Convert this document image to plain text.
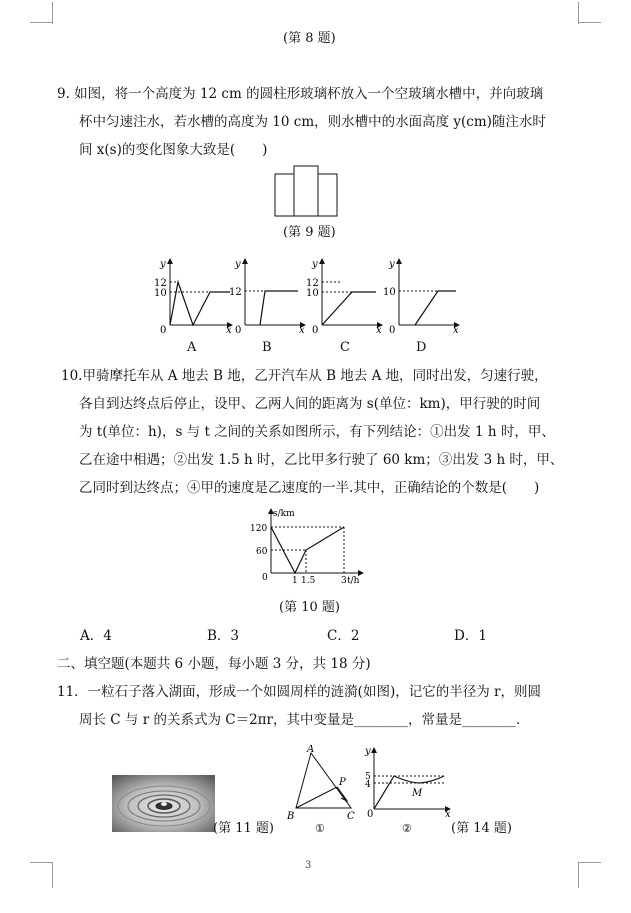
(第 8 题)
9. 如图，将一个高度为 12 cm 的圆柱形玻璃杯放入一个空玻璃水槽中，并向玻璃
杯中匀速注水，若水槽的高度为 10 cm，则水槽中的水面高度 y(cm)随注水时
间 x(s)的变化图象大致是(　　)
(第 9 题)
y
x
0
12
10
y
x
0
12
y
x
0
12
10
y
x
0
10
A	B	C	D
10.甲骑摩托车从 A 地去 B 地，乙开汽车从 B 地去 A 地，同时出发，匀速行驶，
各自到达终点后停止，设甲、乙两人间的距离为 s(单位：km)，甲行驶的时间
为 t(单位：h)，s 与 t 之间的关系如图所示，有下列结论：①出发 1 h 时，甲、
乙在途中相遇；②出发 1.5 h 时，乙比甲多行驶了 60 km；③出发 3 h 时，甲、
乙同时到达终点；④甲的速度是乙速度的一半.其中，正确结论的个数是(　　)
s/km
t/h
120
60
0	1 1.5	3
(第 10 题)
A．4	B．3	C．2	D．1
二、填空题(本题共 6 小题，每小题 3 分，共 18 分)
11．一粒石子落入湖面，形成一个如圆周样的涟漪(如图)，记它的半径为 r，则圆
周长 C 与 r 的关系式为 C＝2πr，其中变量是________，常量是________．
(第 11 题)
A
B	C
P
①
y
x
0
5
4
M
②	(第 14 题)
3
